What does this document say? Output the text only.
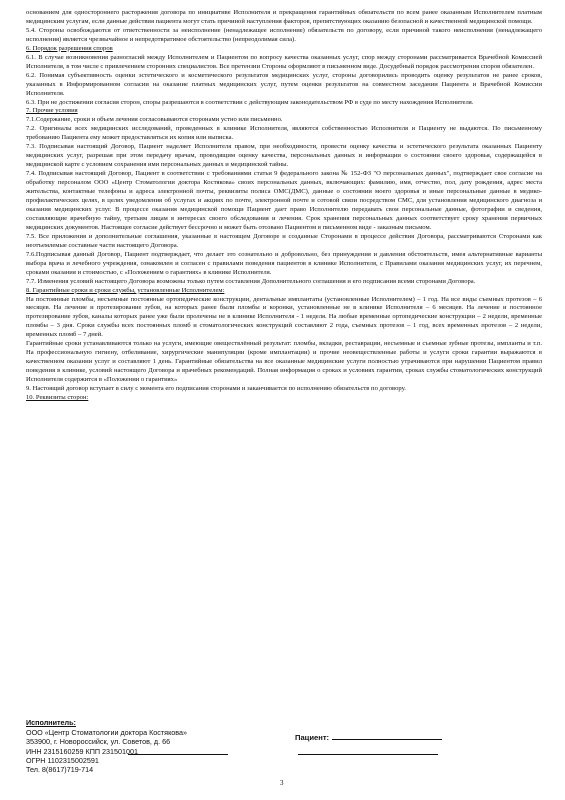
основанием для одностороннего расторжения договора по инициативе Исполнителя и прекращения гарантийных обязательств по всем ранее оказанным Исполнителем платным медицинским услугам, если данные действия пациента могут стать причиной наступления факторов, препятствующих оказанию безопасной и качественной медицинской помощи.

5.4. Стороны освобождаются от ответственности за неисполнение (ненадлежащее исполнение) обязательств по договору, если причиной такого неисполнения (ненадлежащего исполнения) является чрезвычайное и непредотвратимое обстоятельство (непреодолимая сила).

6. Порядок разрешения споров

6.1. В случае возникновения разногласий между Исполнителем и Пациентом по вопросу качества оказанных услуг, спор между сторонами рассматривается Врачебной Комиссией Исполнителя, в том числе с привлечением сторонних специалистов. Все претензии Стороны оформляют в письменном виде. Досудебный порядок рассмотрения споров обязателен.

6.2. Понимая субъективность оценки эстетического и косметического результатов медицинских услуг, стороны договорились проводить оценку результатов не ранее сроков, указанных в Информированном согласии на оказание платных медицинских услуг, путем оценки результатов на совместном заседании Пациента и Врачебной Комиссии Исполнителя.

6.3. При не достижении согласия сторон, споры разрешаются в соответствии с действующим законодательством РФ в суде по месту нахождения Исполнителя.

7. Прочие условия

7.1.Содержание, сроки и объем лечения согласовываются сторонами устно или письменно.

7.2. Оригиналы всех медицинских исследований, проведенных в клинике Исполнителя, являются собственностью Исполнителя и Пациенту не выдаются. По письменному требованию Пациента ему может предоставляться их копия или выписка.

7.3. Подписывая настоящий Договор, Пациент наделяет Исполнителя правом, при необходимости, провести оценку качества и эстетического результата оказанных Пациенту медицинских услуг, разрешая при этом передачу врачам, проводящим оценку качества, персональных данных и информации о состоянии своего здоровья, содержащейся в медицинской карте с условием сохранения ими персональных данных и медицинской тайны.

7.4. Подписывая настоящий Договор, Пациент в соответствии с требованиями статьи 9 федерального закона № 152-ФЗ "О персональных данных", подтверждает свое согласие на обработку персоналом ООО «Центр Стоматологии доктора Костякова» своих персональных данных, включающих: фамилию, имя, отчество, пол, дату рождения, адрес места жительства, контактные телефоны и адреса электронной почты, реквизиты полиса ОМС(ДМС), данные о состоянии моего здоровья и иные персональные данные в медико-профилактических целях, в целях уведомления об услугах и акциях по почте, электронной почте и сотовой связи посредством СМС, для установления медицинского диагноза и оказания медицинских услуг. В процессе оказания медицинской помощи Пациент дает право Исполнителю передавать свои персональные данные, фотографии и сведения, составляющие врачебную тайну, третьим лицам в интересах своего обследования и лечения. Срок хранения персональных данных соответствует сроку хранения первичных медицинских документов. Настоящее согласие действует бессрочно и может быть отозвано Пациентом в письменном виде - заказным письмом.

7.5. Все приложения и дополнительные соглашения, указанные в настоящем Договоре и созданные Сторонами в процессе действия Договора, рассматриваются Сторонами как неотъемлемые составные части настоящего Договора.

7.6.Подписывая данный Договор, Пациент подтверждает, что делает это сознательно и добровольно, без принуждения и давления обстоятельств, имея альтернативные варианты выбора врача и лечебного учреждения, ознакомлен и согласен с правилами поведения пациентов в клинике Исполнителя, с Правилами оказания медицинских услуг, их перечнем, сроками оказания и стоимостью, с «Положением о гарантиях» в клинике Исполнителя.

7.7. Изменения условий настоящего Договора возможны только путем составления Дополнительного соглашения и его подписания всеми сторонами Договора.

8. Гарантийные сроки и сроки службы, установленные Исполнителем:

На постоянные пломбы, несъемные постоянные ортопедические конструкции, дентальные имплантаты (установленные Исполнителем) – 1 год. На все виды съемных протезов – 6 месяцев. На лечение и протезирование зубов, на которых ранее были пломбы и коронки, установленные не в клинике Исполнителя – 6 месяцев. На лечение и постоянное протезирование зубов, каналы которых ранее уже были пролечены не в клинике Исполнителя - 1 неделя. На любые временные ортопедические конструкции – 2 недели, временные пломбы – 3 дня. Сроки службы всех постоянных пломб и стоматологических конструкций составляют 2 года, съемных протезов – 1 год, всех временных протезов – 2 недели, временных пломб – 7 дней.

Гарантийные сроки устанавливаются только на услуги, имеющие овеществлённый результат: пломбы, вкладки, реставрации, несъемные и съемные зубные протезы, импланты и т.п. На профессиональную гигиену, отбеливание, хирургические манипуляции (кроме имплантации) и прочие неовеществленные работы и услуги сроки гарантии выражаются в качественном оказании услуг и составляют 1 день. Гарантийные обязательства на все оказанные медицинские услуги полностью утрачиваются при нарушении Пациентом правил поведения в клинике, условий настоящего Договора и врачебных рекомендаций. Полная информация о сроках и условиях гарантии, сроках службы стоматологических конструкций Исполнителя содержится в «Положении о гарантиях»

9. Настоящий договор вступает в силу с момента его подписания сторонами и заканчивается по исполнению обязательств по договору.

10. Реквизиты сторон:

Исполнитель:
ООО «Центр Стоматологии доктора Костякова»
353900, г. Новороссийск, ул. Советов, д. 66
ИНН 2315160259 КПП 231501001
ОГРН 1102315002591
Тел. 8(8617)719-714
Пациент:
3
